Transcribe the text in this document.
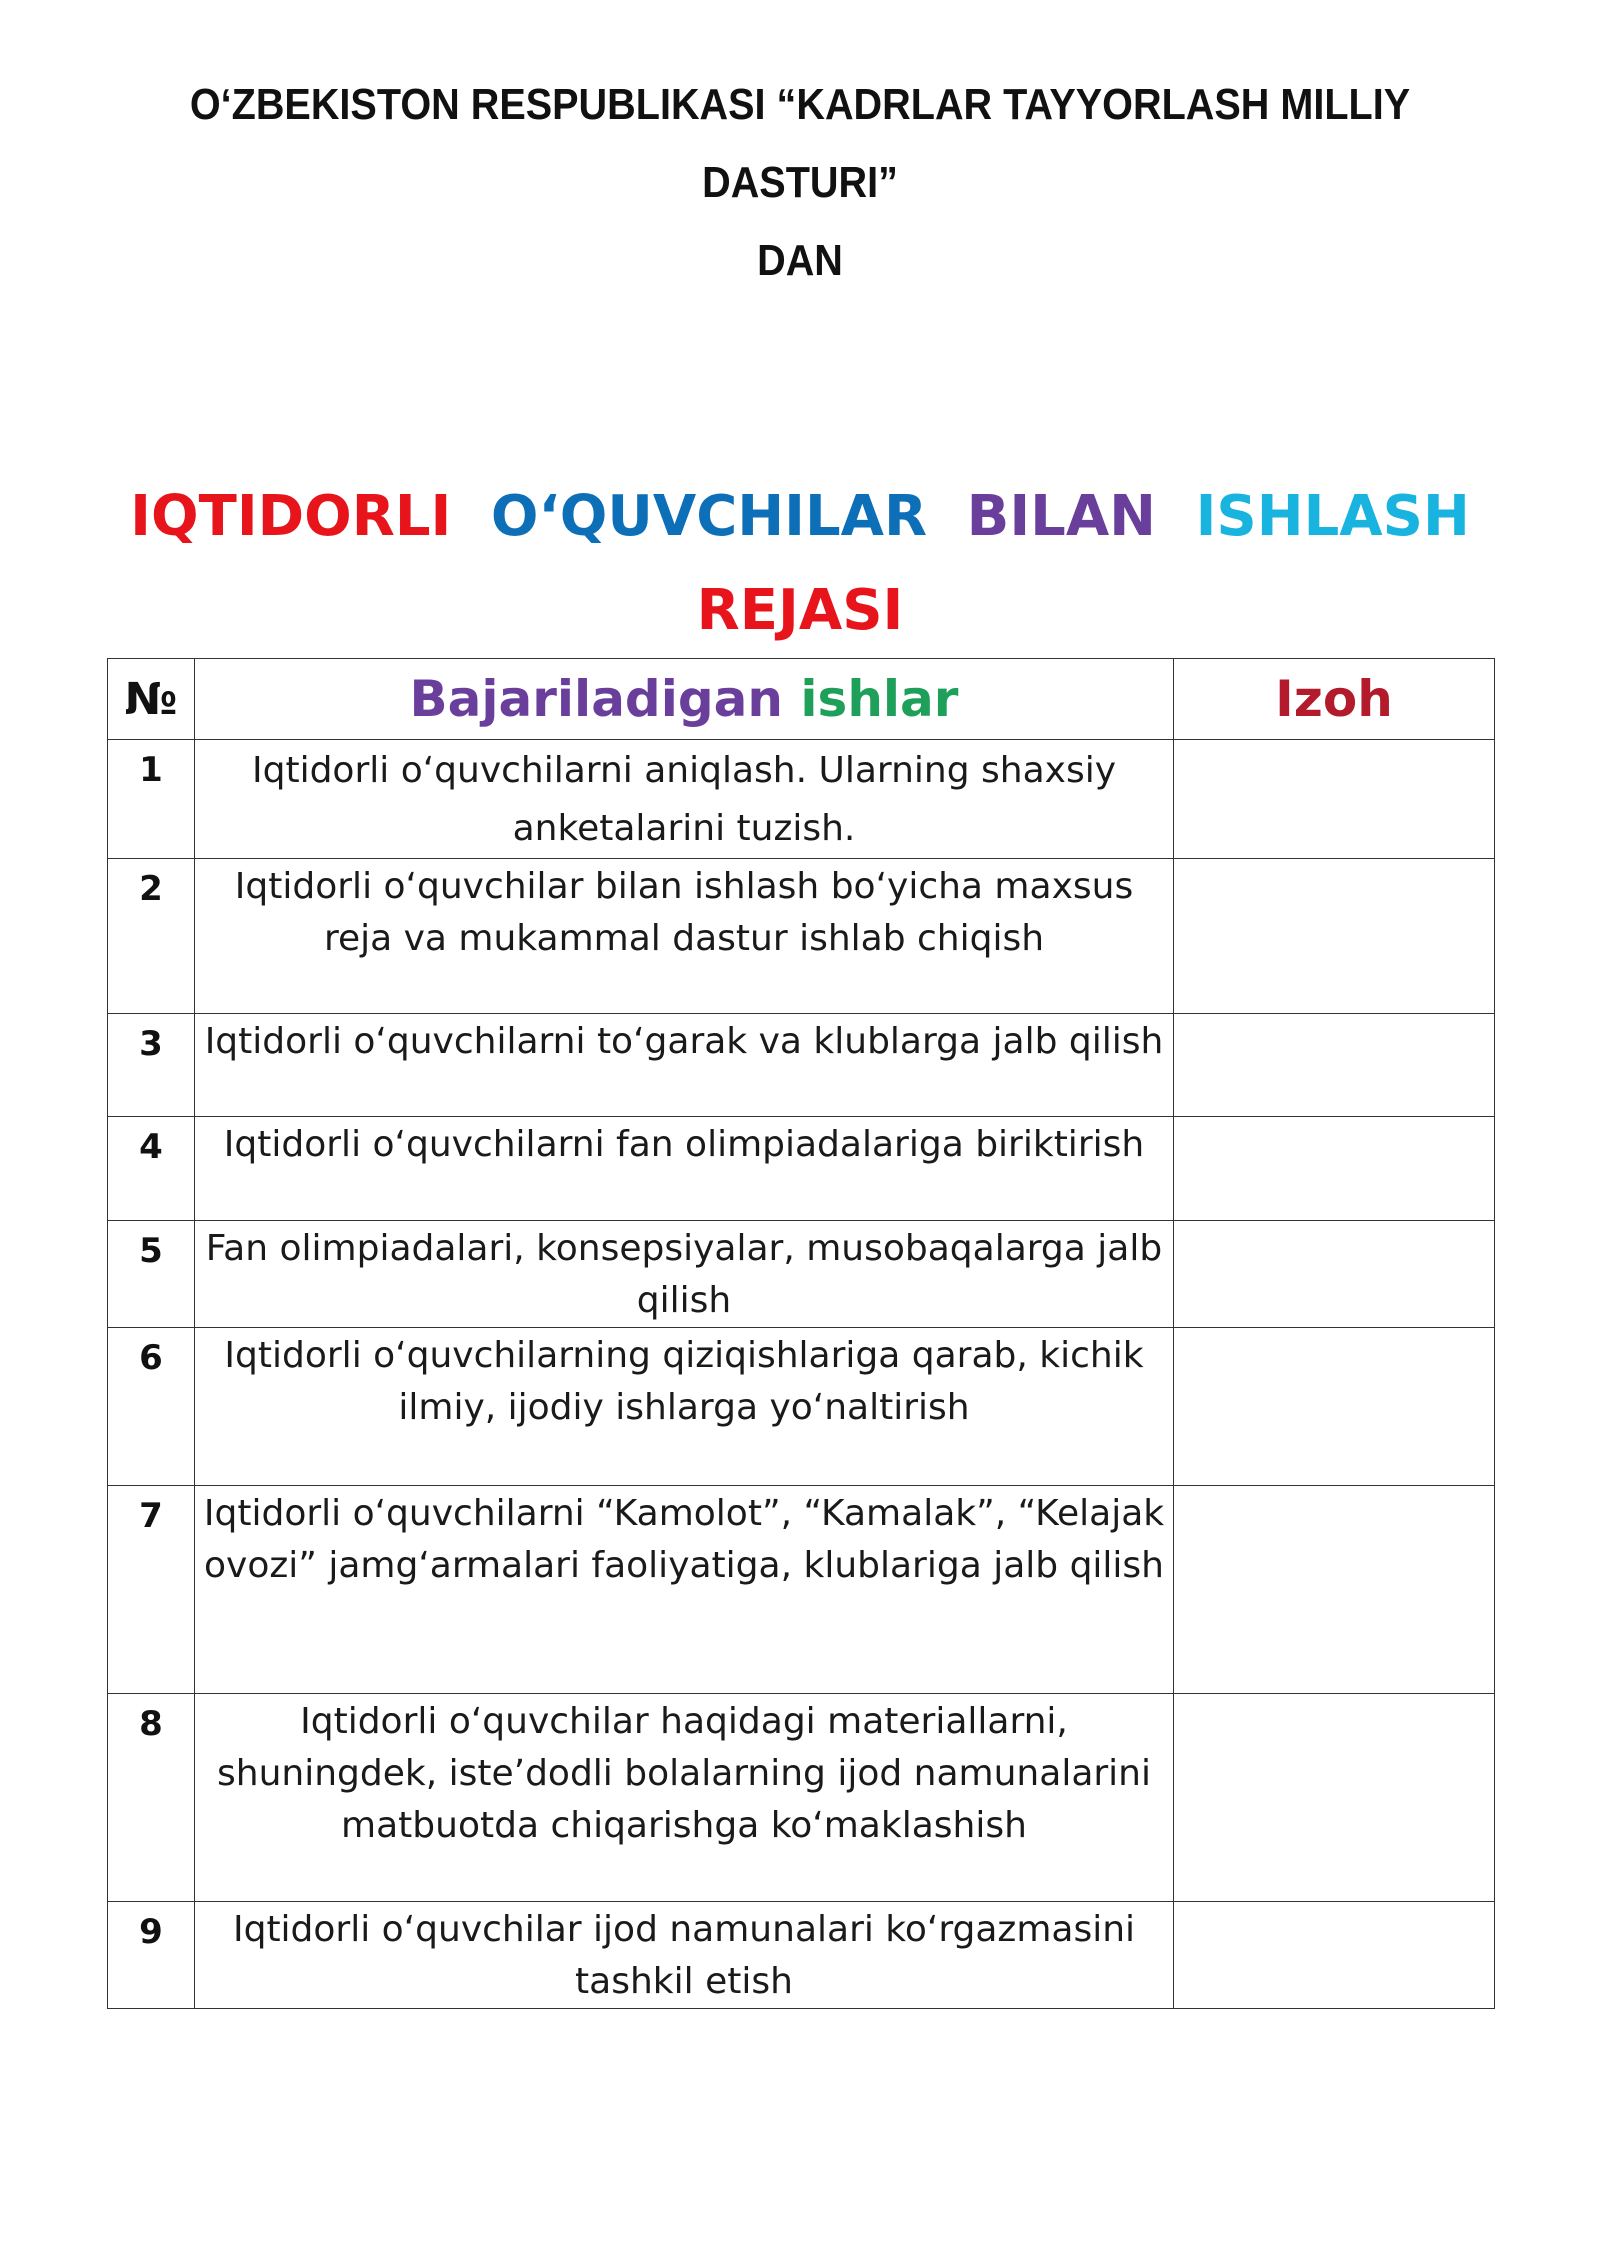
O‘ZBEKISTON RESPUBLIKASI “KADRLAR TAYYORLASH MILLIY DASTURI”
DAN
IQTIDORLI O‘QUVCHILAR BILAN ISHLASH
REJASI
№	Bajariladigan ishlar	Izoh
1	Iqtidorli o‘quvchilarni aniqlash. Ularning shaxsiy anketalarini tuzish.	
2	Iqtidorli o‘quvchilar bilan ishlash bo‘yicha maxsus reja va mukammal dastur ishlab chiqish	
3	Iqtidorli o‘quvchilarni to‘garak va klublarga jalb qilish	
4	Iqtidorli o‘quvchilarni fan olimpiadalariga biriktirish	
5	Fan olimpiadalari, konsepsiyalar, musobaqalarga jalb qilish	
6	Iqtidorli o‘quvchilarning qiziqishlariga qarab, kichik ilmiy, ijodiy ishlarga yo‘naltirish	
7	Iqtidorli o‘quvchilarni “Kamolot”, “Kamalak”, “Kelajak ovozi” jamg‘armalari faoliyatiga, klublariga jalb qilish	
8	Iqtidorli o‘quvchilar haqidagi materiallarni, shuningdek, iste’dodli bolalarning ijod namunalarini matbuotda chiqarishga ko‘maklashish	
9	Iqtidorli o‘quvchilar ijod namunalari ko‘rgazmasini tashkil etish	
